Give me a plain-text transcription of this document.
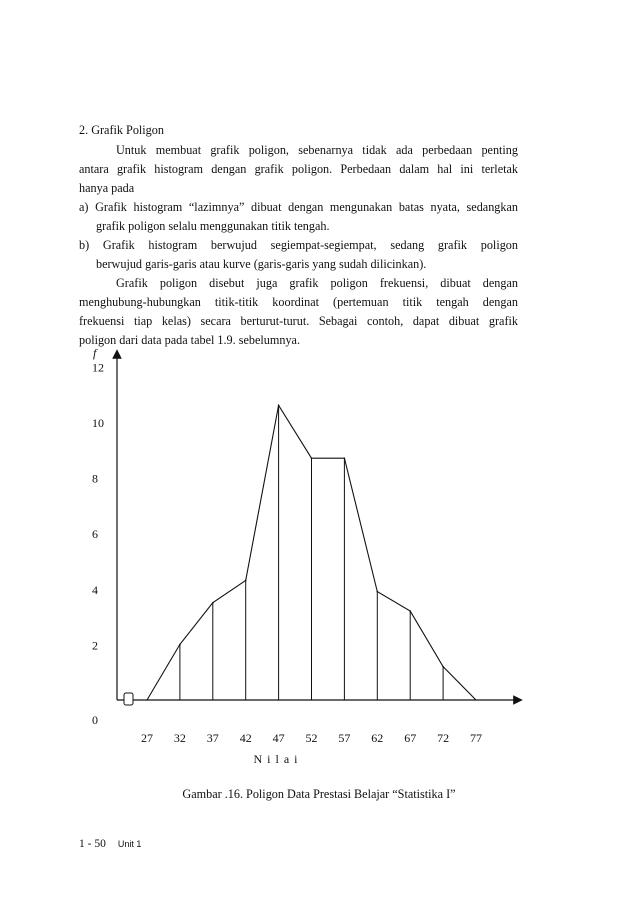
2. Grafik Poligon
Untuk membuat grafik poligon, sebenarnya tidak ada perbedaan penting
antara grafik histogram dengan grafik poligon. Perbedaan dalam hal ini terletak
hanya pada
a) Grafik histogram “lazimnya” dibuat dengan mengunakan batas nyata, sedangkan
grafik poligon selalu menggunakan titik tengah.
b) Grafik histogram berwujud segiempat-segiempat, sedang grafik poligon
berwujud garis-garis atau kurve (garis-garis yang sudah dilicinkan).
Grafik poligon disebut juga grafik poligon frekuensi, dibuat dengan
menghubung-hubungkan titik-titik koordinat (pertemuan titik tengah dengan
frekuensi tiap kelas) secara berturut-turut. Sebagai contoh, dapat dibuat grafik
poligon dari data pada tabel 1.9. sebelumnya.
f
0
2
4
6
8
10
12
27 32 37 42 47 52 57 62 67 72 77
N i l a i
Gambar .16. Poligon Data Prestasi Belajar “Statistika I”
1 - 50 Unit 1
